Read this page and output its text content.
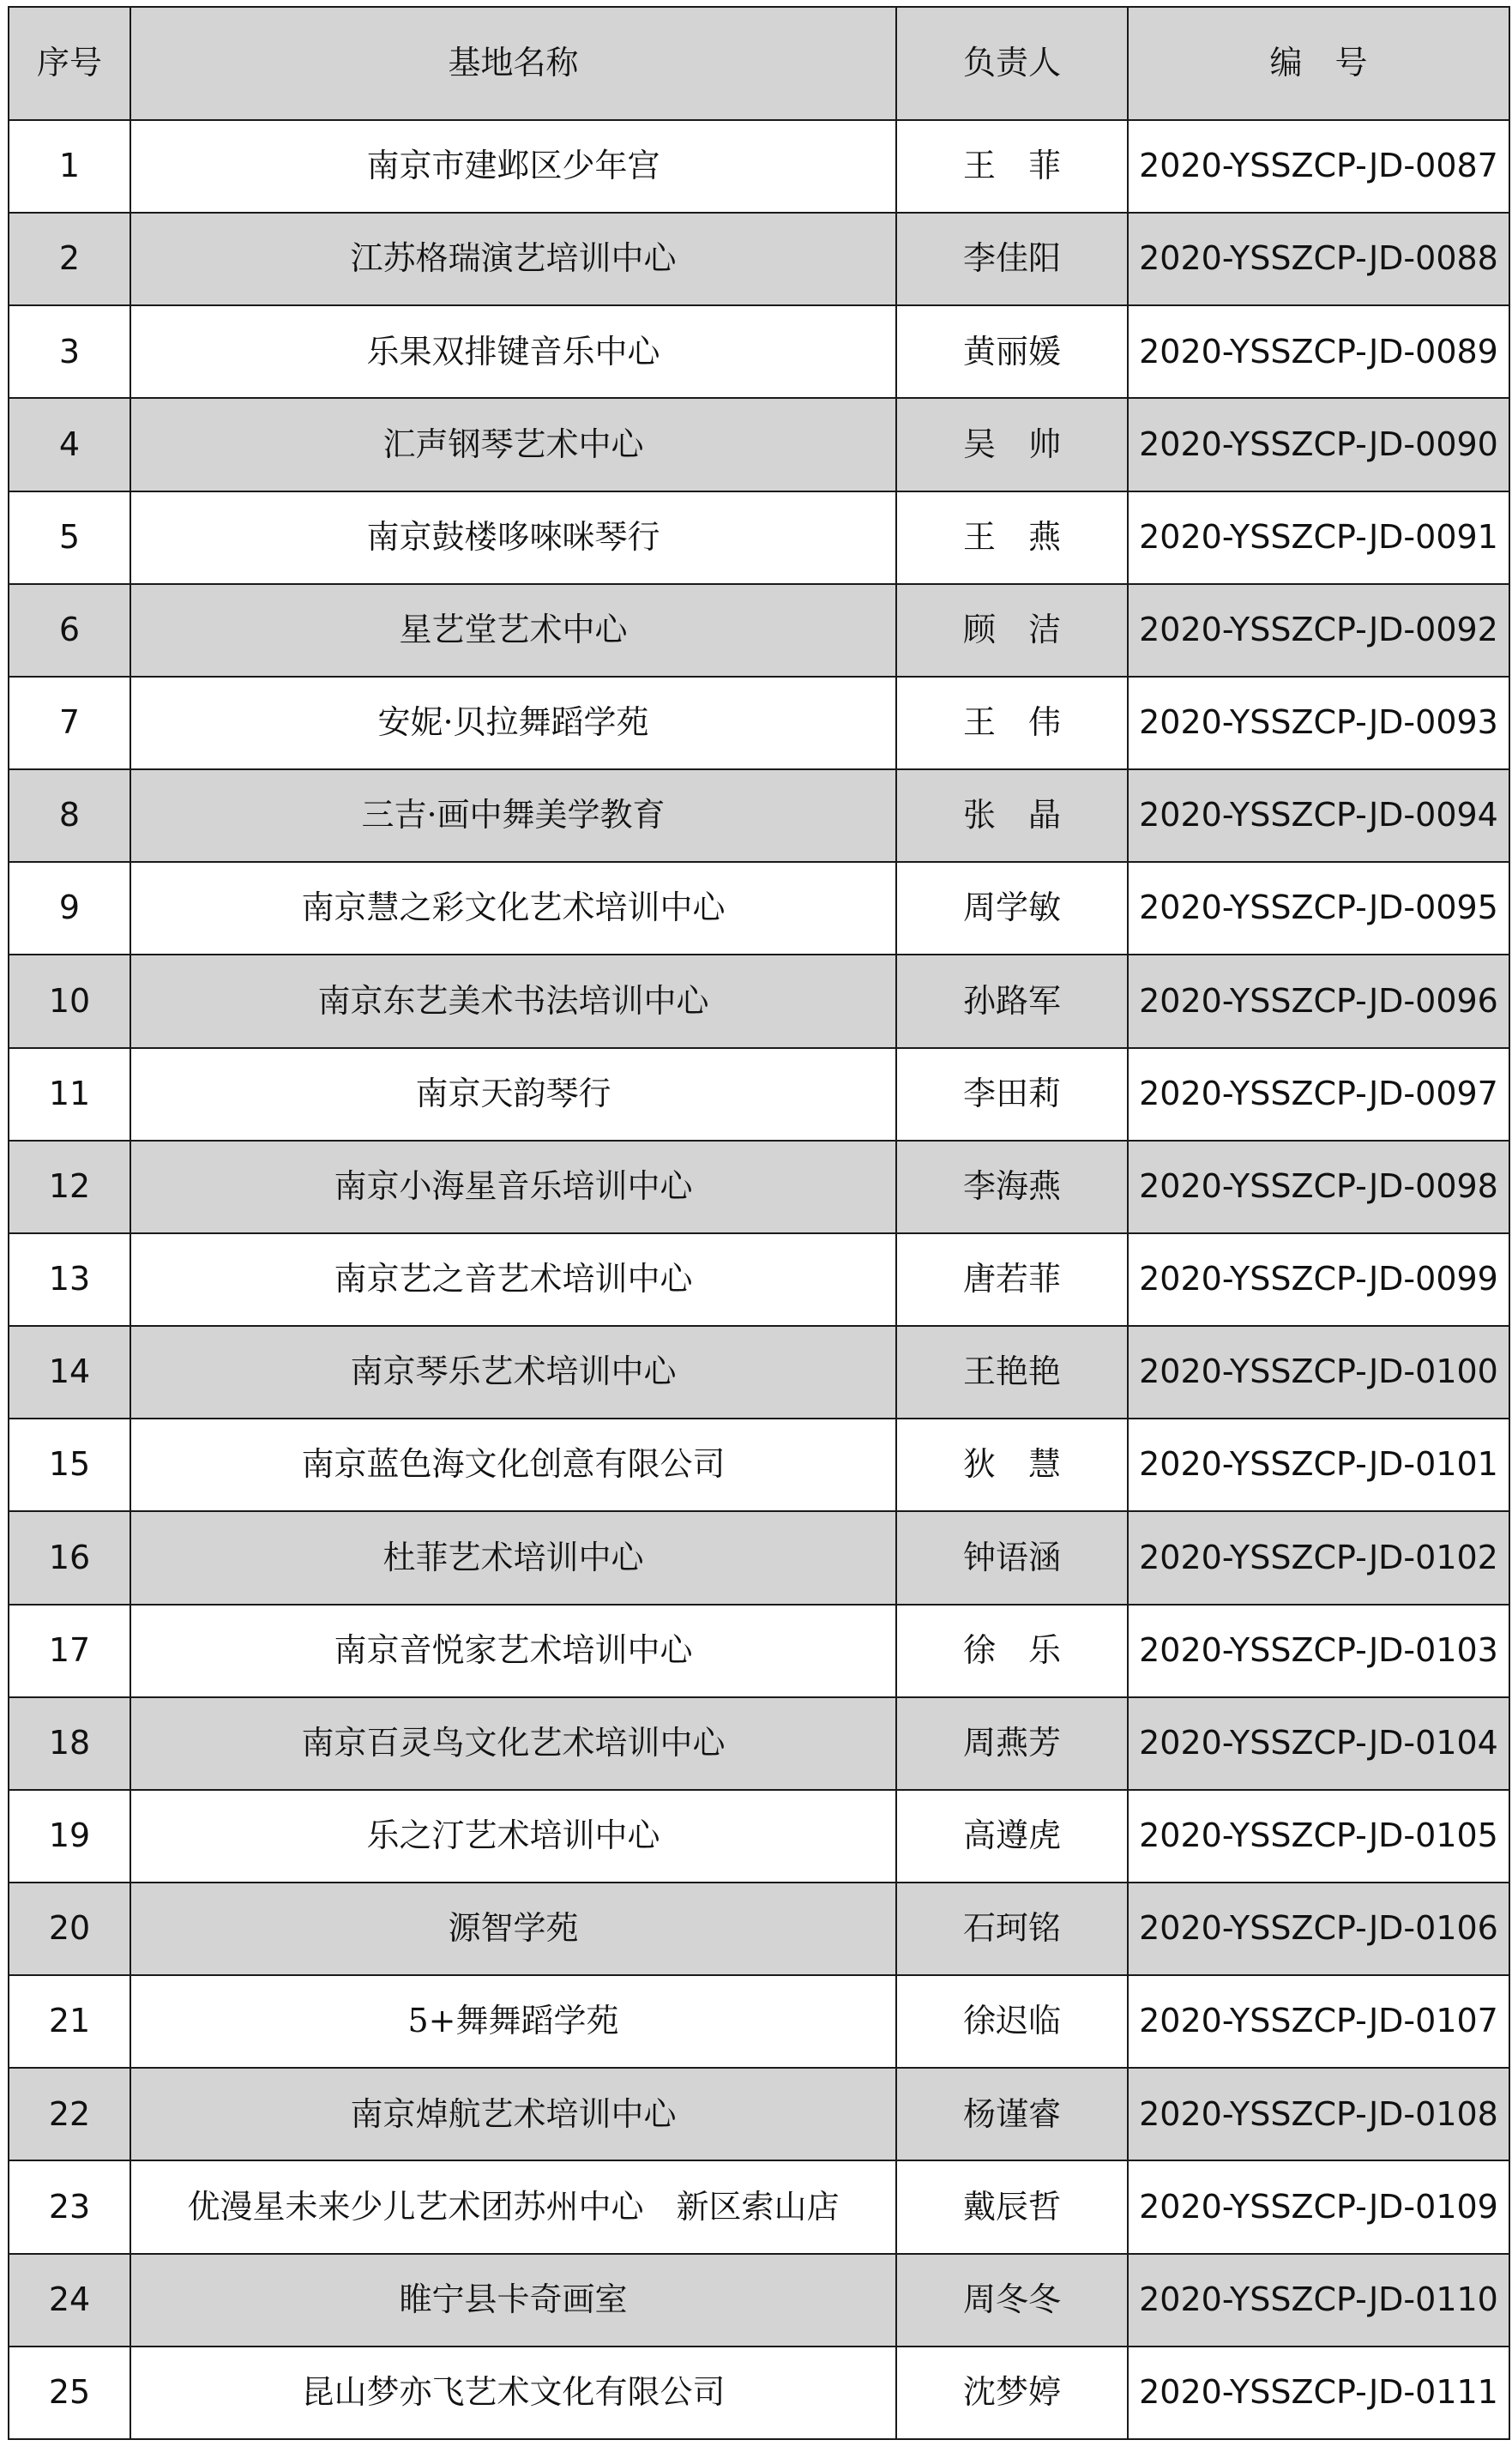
序号	基地名称	负责人	编　号
1	南京市建邺区少年宫	王　菲	2020-YSSZCP-JD-0087
2	江苏格瑞演艺培训中心	李佳阳	2020-YSSZCP-JD-0088
3	乐果双排键音乐中心	黄丽媛	2020-YSSZCP-JD-0089
4	汇声钢琴艺术中心	吴　帅	2020-YSSZCP-JD-0090
5	南京鼓楼哆唻咪琴行	王　燕	2020-YSSZCP-JD-0091
6	星艺堂艺术中心	顾　洁	2020-YSSZCP-JD-0092
7	安妮·贝拉舞蹈学苑	王　伟	2020-YSSZCP-JD-0093
8	三吉·画中舞美学教育	张　晶	2020-YSSZCP-JD-0094
9	南京慧之彩文化艺术培训中心	周学敏	2020-YSSZCP-JD-0095
10	南京东艺美术书法培训中心	孙路军	2020-YSSZCP-JD-0096
11	南京天韵琴行	李田莉	2020-YSSZCP-JD-0097
12	南京小海星音乐培训中心	李海燕	2020-YSSZCP-JD-0098
13	南京艺之音艺术培训中心	唐若菲	2020-YSSZCP-JD-0099
14	南京琴乐艺术培训中心	王艳艳	2020-YSSZCP-JD-0100
15	南京蓝色海文化创意有限公司	狄　慧	2020-YSSZCP-JD-0101
16	杜菲艺术培训中心	钟语涵	2020-YSSZCP-JD-0102
17	南京音悦家艺术培训中心	徐　乐	2020-YSSZCP-JD-0103
18	南京百灵鸟文化艺术培训中心	周燕芳	2020-YSSZCP-JD-0104
19	乐之汀艺术培训中心	高遵虎	2020-YSSZCP-JD-0105
20	源智学苑	石珂铭	2020-YSSZCP-JD-0106
21	5+舞舞蹈学苑	徐迟临	2020-YSSZCP-JD-0107
22	南京焯航艺术培训中心	杨谨睿	2020-YSSZCP-JD-0108
23	优漫星未来少儿艺术团苏州中心　新区索山店	戴辰哲	2020-YSSZCP-JD-0109
24	睢宁县卡奇画室	周冬冬	2020-YSSZCP-JD-0110
25	昆山梦亦飞艺术文化有限公司	沈梦婷	2020-YSSZCP-JD-0111
